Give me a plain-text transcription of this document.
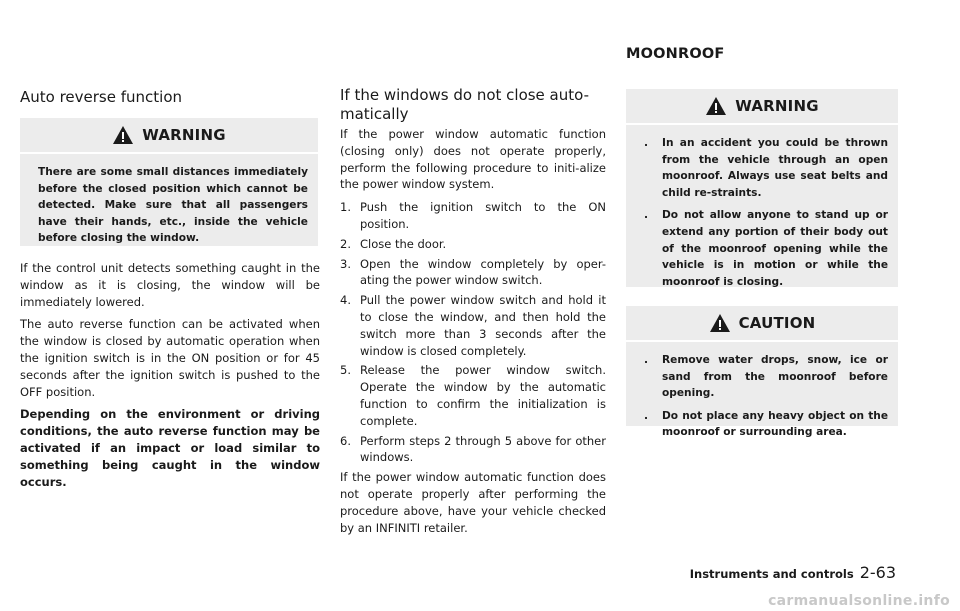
MOONROOF
Auto reverse function
WARNING
There are some small distances immediately before the closed position which cannot be detected. Make sure that all passengers have their hands, etc., inside the vehicle before closing the window.

If the control unit detects something caught in the window as it is closing, the window will be immediately lowered.

The auto reverse function can be activated when the window is closed by automatic operation when the ignition switch is in the ON position or for 45 seconds after the ignition switch is pushed to the OFF position.

Depending on the environment or driving conditions, the auto reverse function may be activated if an impact or load similar to something being caught in the window occurs.

If the windows do not close auto-matically

If the power window automatic function (closing only) does not operate properly, perform the following procedure to initi-alize the power window system.

1. Push the ignition switch to the ON position.
2. Close the door.
3. Open the window completely by oper-ating the power window switch.
4. Pull the power window switch and hold it to close the window, and then hold the switch more than 3 seconds after the window is closed completely.
5. Release the power window switch. Operate the window by the automatic function to confirm the initialization is complete.
6. Perform steps 2 through 5 above for other windows.

If the power window automatic function does not operate properly after performing the procedure above, have your vehicle checked by an INFINITI retailer.

WARNING
.	In an accident you could be thrown from the vehicle through an open moonroof. Always use seat belts and child re-straints.
.	Do not allow anyone to stand up or extend any portion of their body out of the moonroof opening while the vehicle is in motion or while the moonroof is closing.
CAUTION
.	Remove water drops, snow, ice or sand from the moonroof before opening.
.	Do not place any heavy object on the moonroof or surrounding area.
Instruments and controls 2-63
carmanualsonline.info
